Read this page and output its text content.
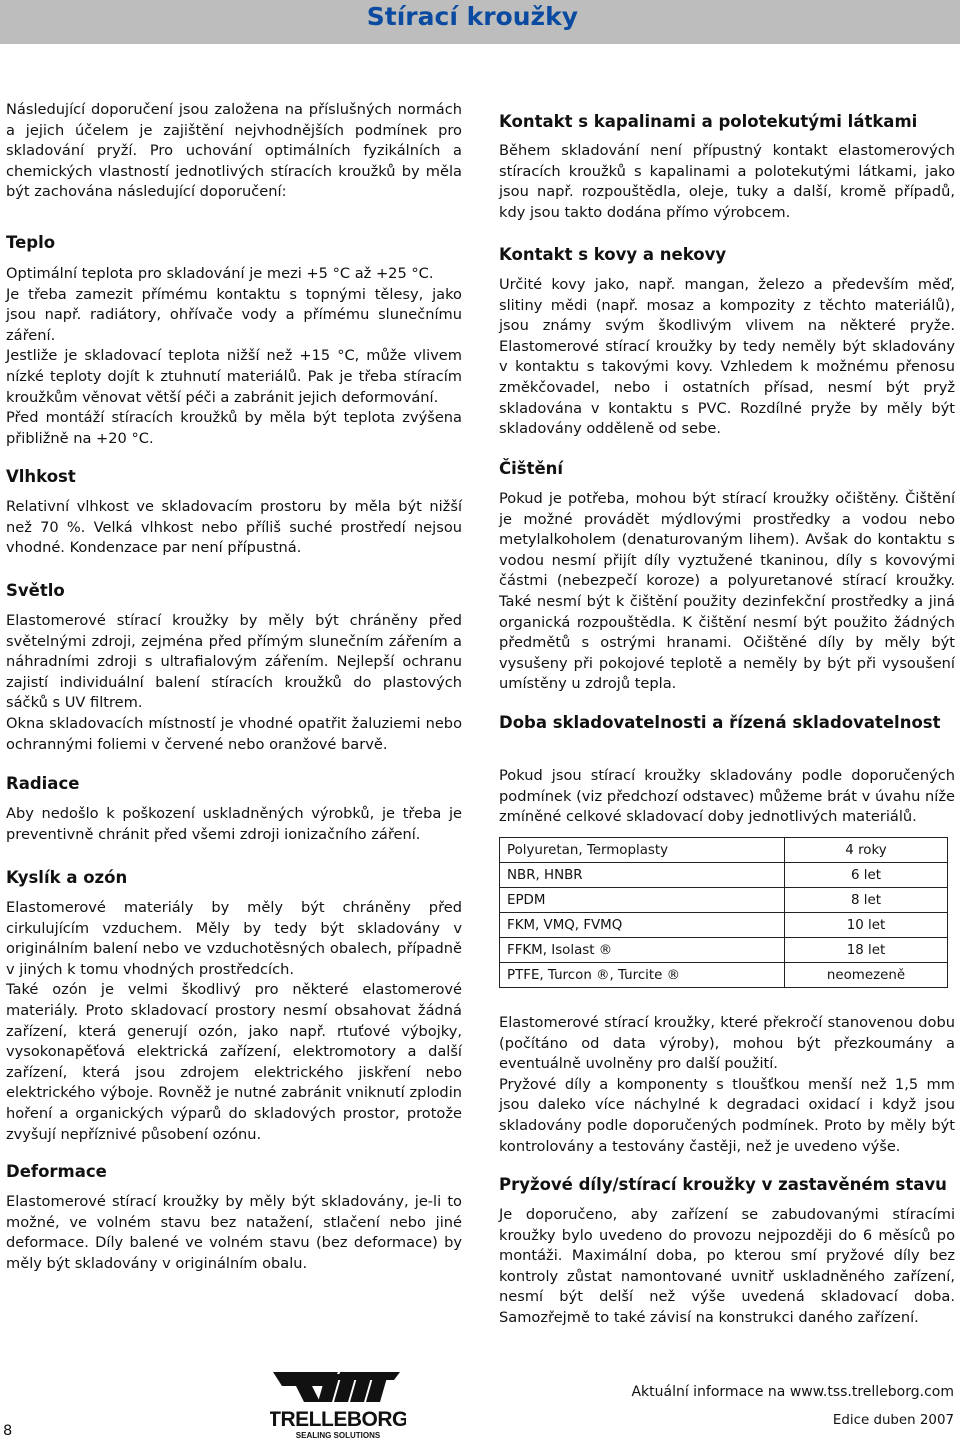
Stírací kroužky

Následující doporučení jsou založena na příslušných normách a jejich účelem je zajištění nejvhodnějších podmínek pro skladování pryží. Pro uchování optimálních fyzikálních a chemických vlastností jednotlivých stíracích kroužků by měla být zachována následující doporučení:

Teplo

Optimální teplota pro skladování je mezi +5 °C až +25 °C.

Je třeba zamezit přímému kontaktu s topnými tělesy, jako jsou např. radiátory, ohřívače vody a přímému slunečnímu záření.

Jestliže je skladovací teplota nižší než +15 °C, může vlivem nízké teploty dojít k ztuhnutí materiálů. Pak je třeba stíracím kroužkům věnovat větší péči a zabránit jejich deformování.

Před montáží stíracích kroužků by měla být teplota zvýšena přibližně na +20 °C.

Vlhkost

Relativní vlhkost ve skladovacím prostoru by měla být nižší než 70 %. Velká vlhkost nebo příliš suché prostředí nejsou vhodné. Kondenzace par není přípustná.

Světlo

Elastomerové stírací kroužky by měly být chráněny před světelnými zdroji, zejména před přímým slunečním zářením a náhradními zdroji s ultrafialovým zářením. Nejlepší ochranu zajistí individuální balení stíracích kroužků do plastových sáčků s UV filtrem.

Okna skladovacích místností je vhodné opatřit žaluziemi nebo ochrannými foliemi v červené nebo oranžové barvě.

Radiace

Aby nedošlo k poškození uskladněných výrobků, je třeba je preventivně chránit před všemi zdroji ionizačního záření.

Kyslík a ozón

Elastomerové materiály by měly být chráněny před cirkulujícím vzduchem. Měly by tedy být skladovány v originálním balení nebo ve vzduchotěsných obalech, případně v jiných k tomu vhodných prostředcích.

Také ozón je velmi škodlivý pro některé elastomerové materiály. Proto skladovací prostory nesmí obsahovat žádná zařízení, která generují ozón, jako např. rtuťové výbojky, vysokonapěťová elektrická zařízení, elektromotory a další zařízení, která jsou zdrojem elektrického jiskření nebo elektrického výboje. Rovněž je nutné zabránit vniknutí zplodin hoření a organických výparů do skladových prostor, protože zvyšují nepříznivé působení ozónu.

Deformace

Elastomerové stírací kroužky by měly být skladovány, je-li to možné, ve volném stavu bez natažení, stlačení nebo jiné deformace. Díly balené ve volném stavu (bez deformace) by měly být skladovány v originálním obalu.

Kontakt s kapalinami a polotekutými látkami

Během skladování není přípustný kontakt elastomerových stíracích kroužků s kapalinami a polotekutými látkami, jako jsou např. rozpouštědla, oleje, tuky a další, kromě případů, kdy jsou takto dodána přímo výrobcem.

Kontakt s kovy a nekovy

Určité kovy jako, např. mangan, železo a především měď, slitiny mědi (např. mosaz a kompozity z těchto materiálů), jsou známy svým škodlivým vlivem na některé pryže. Elastomerové stírací kroužky by tedy neměly být skladovány v kontaktu s takovými kovy. Vzhledem k možnému přenosu změkčovadel, nebo i ostatních přísad, nesmí být pryž skladována v kontaktu s PVC. Rozdílné pryže by měly být skladovány odděleně od sebe.

Čištění

Pokud je potřeba, mohou být stírací kroužky očištěny. Čištění je možné provádět mýdlovými prostředky a vodou nebo metylalkoholem (denaturovaným lihem). Avšak do kontaktu s vodou nesmí přijít díly vyztužené tkaninou, díly s kovovými částmi (nebezpečí koroze) a polyuretanové stírací kroužky. Také nesmí být k čištění použity dezinfekční prostředky a jiná organická rozpouštědla. K čištění nesmí být použito žádných předmětů s ostrými hranami. Očištěné díly by měly být vysušeny při pokojové teplotě a neměly by být při vysoušení umístěny u zdrojů tepla.

Doba skladovatelnosti a řízená skladovatelnost

Pokud jsou stírací kroužky skladovány podle doporučených podmínek (viz předchozí odstavec) můžeme brát v úvahu níže zmíněné celkové skladovací doby jednotlivých materiálů.

Polyuretan, Termoplasty	4 roky
NBR, HNBR	6 let
EPDM	8 let
FKM, VMQ, FVMQ	10 let
FFKM, Isolast ®	18 let
PTFE, Turcon ®, Turcite ®	neomezeně

Elastomerové stírací kroužky, které překročí stanovenou dobu (počítáno od data výroby), mohou být přezkoumány a eventuálně uvolněny pro další použití.

Pryžové díly a komponenty s tloušťkou menší než 1,5 mm jsou daleko více náchylné k degradaci oxidací i když jsou skladovány podle doporučených podmínek. Proto by měly být kontrolovány a testovány častěji, než je uvedeno výše.

Pryžové díly/stírací kroužky v zastavěném stavu

Je doporučeno, aby zařízení se zabudovanými stíracími kroužky bylo uvedeno do provozu nejpozději do 6 měsíců po montáži. Maximální doba, po kterou smí pryžové díly bez kontroly zůstat namontované uvnitř uskladněného zařízení, nesmí být delší než výše uvedená skladovací doba. Samozřejmě to také závisí na konstrukci daného zařízení.

8	TRELLEBORG
SEALING SOLUTIONS
Aktuální informace na www.tss.trelleborg.com
Edice duben 2007
